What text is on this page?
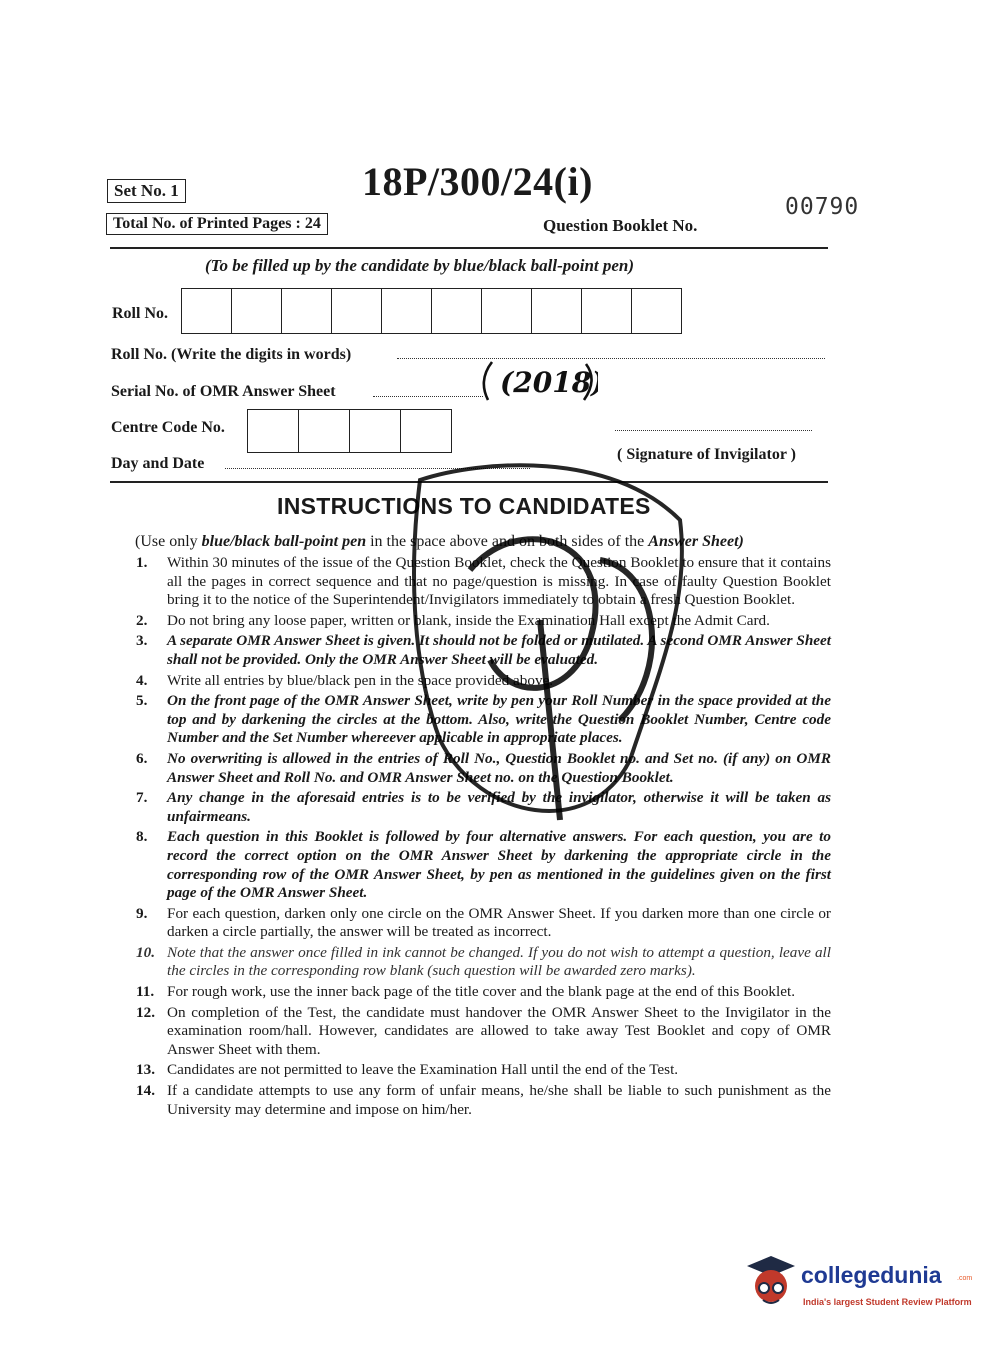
Set No. 1	18P/300/24(i)
00790
Total No. of Printed Pages : 24	Question Booklet No.
(To be filled up by the candidate by blue/black ball-point pen)
Roll No.
Roll No. (Write the digits in words)
Serial No. of OMR Answer Sheet	(2018)
Centre Code No.
( Signature of Invigilator )
Day and Date
INSTRUCTIONS TO CANDIDATES
(Use only blue/black ball-point pen in the space above and on both sides of the Answer Sheet)
1. Within 30 minutes of the issue of the Question Booklet, check the Question Booklet to ensure that it contains all the pages in correct sequence and that no page/question is missing. In case of faulty Question Booklet bring it to the notice of the Superintendent/Invigilators immediately to obtain a fresh Question Booklet.
2. Do not bring any loose paper, written or blank, inside the Examination Hall except the Admit Card.
3. A separate OMR Answer Sheet is given. It should not be folded or mutilated. A second OMR Answer Sheet shall not be provided. Only the OMR Answer Sheet will be evaluated.
4. Write all entries by blue/black pen in the space provided above.
5. On the front page of the OMR Answer Sheet, write by pen your Roll Number in the space provided at the top and by darkening the circles at the bottom. Also, write the Question Booklet Number, Centre code Number and the Set Number whereever applicable in appropriate places.
6. No overwriting is allowed in the entries of Roll No., Question Booklet no. and Set no. (if any) on OMR Answer Sheet and Roll No. and OMR Answer Sheet no. on the Question Booklet.
7. Any change in the aforesaid entries is to be verified by the invigilator, otherwise it will be taken as unfairmeans.
8. Each question in this Booklet is followed by four alternative answers. For each question, you are to record the correct option on the OMR Answer Sheet by darkening the appropriate circle in the corresponding row of the OMR Answer Sheet, by pen as mentioned in the guidelines given on the first page of the OMR Answer Sheet.
9. For each question, darken only one circle on the OMR Answer Sheet. If you darken more than one circle or darken a circle partially, the answer will be treated as incorrect.
10. Note that the answer once filled in ink cannot be changed. If you do not wish to attempt a question, leave all the circles in the corresponding row blank (such question will be awarded zero marks).
11. For rough work, use the inner back page of the title cover and the blank page at the end of this Booklet.
12. On completion of the Test, the candidate must handover the OMR Answer Sheet to the Invigilator in the examination room/hall. However, candidates are allowed to take away Test Booklet and copy of OMR Answer Sheet with them.
13. Candidates are not permitted to leave the Examination Hall until the end of the Test.
14. If a candidate attempts to use any form of unfair means, he/she shall be liable to such punishment as the University may determine and impose on him/her.
collegedunia .com
India's largest Student Review Platform
